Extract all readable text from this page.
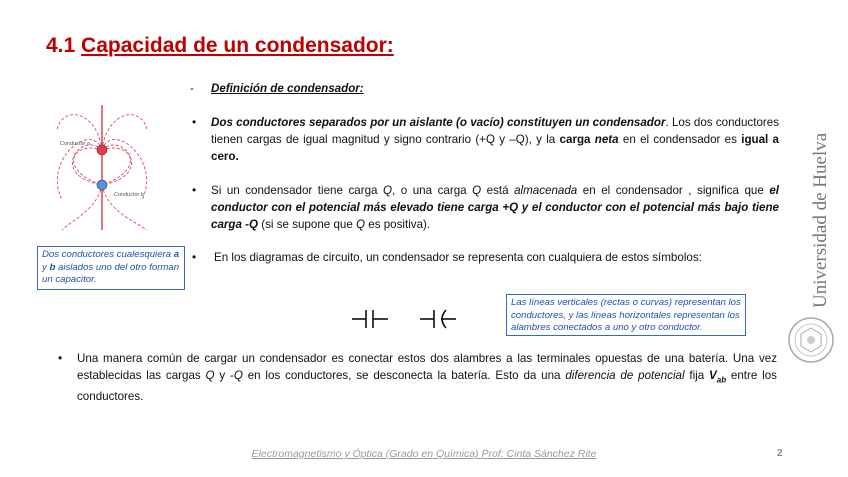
4.1 Capacidad de un condensador:
- Definición de condensador:
• Dos conductores separados por un aislante (o vacío) constituyen un condensador. Los dos conductores tienen cargas de igual magnitud y signo contrario (+Q y –Q), y la carga neta en el condensador es igual a cero.
• Si un condensador tiene carga Q, o una carga Q está almacenada en el condensador , significa que el conductor con el potencial más elevado tiene carga +Q y el conductor con el potencial más bajo tiene carga -Q (si se supone que Q es positiva).
• En los diagramas de circuito, un condensador se representa con cualquiera de estos símbolos:
• Una manera común de cargar un condensador es conectar estos dos alambres a las terminales opuestas de una batería. Una vez establecidas las cargas Q y -Q en los conductores, se desconecta la batería. Esto da una diferencia de potencial fija $V_{ab}$ entre los conductores.
Dos conductores cualesquiera a y b aislados uno del otro forman un capacitor.
Las líneas verticales (rectas o curvas) representan los conductores, y las líneas horizontales representan los alambres conectados a uno y otro conductor.
Conductor a
Conductor b	Universidad de Huelva
Electromagnetismo y Óptica (Grado en Química) Prof: Cinta Sánchez Rite	2
